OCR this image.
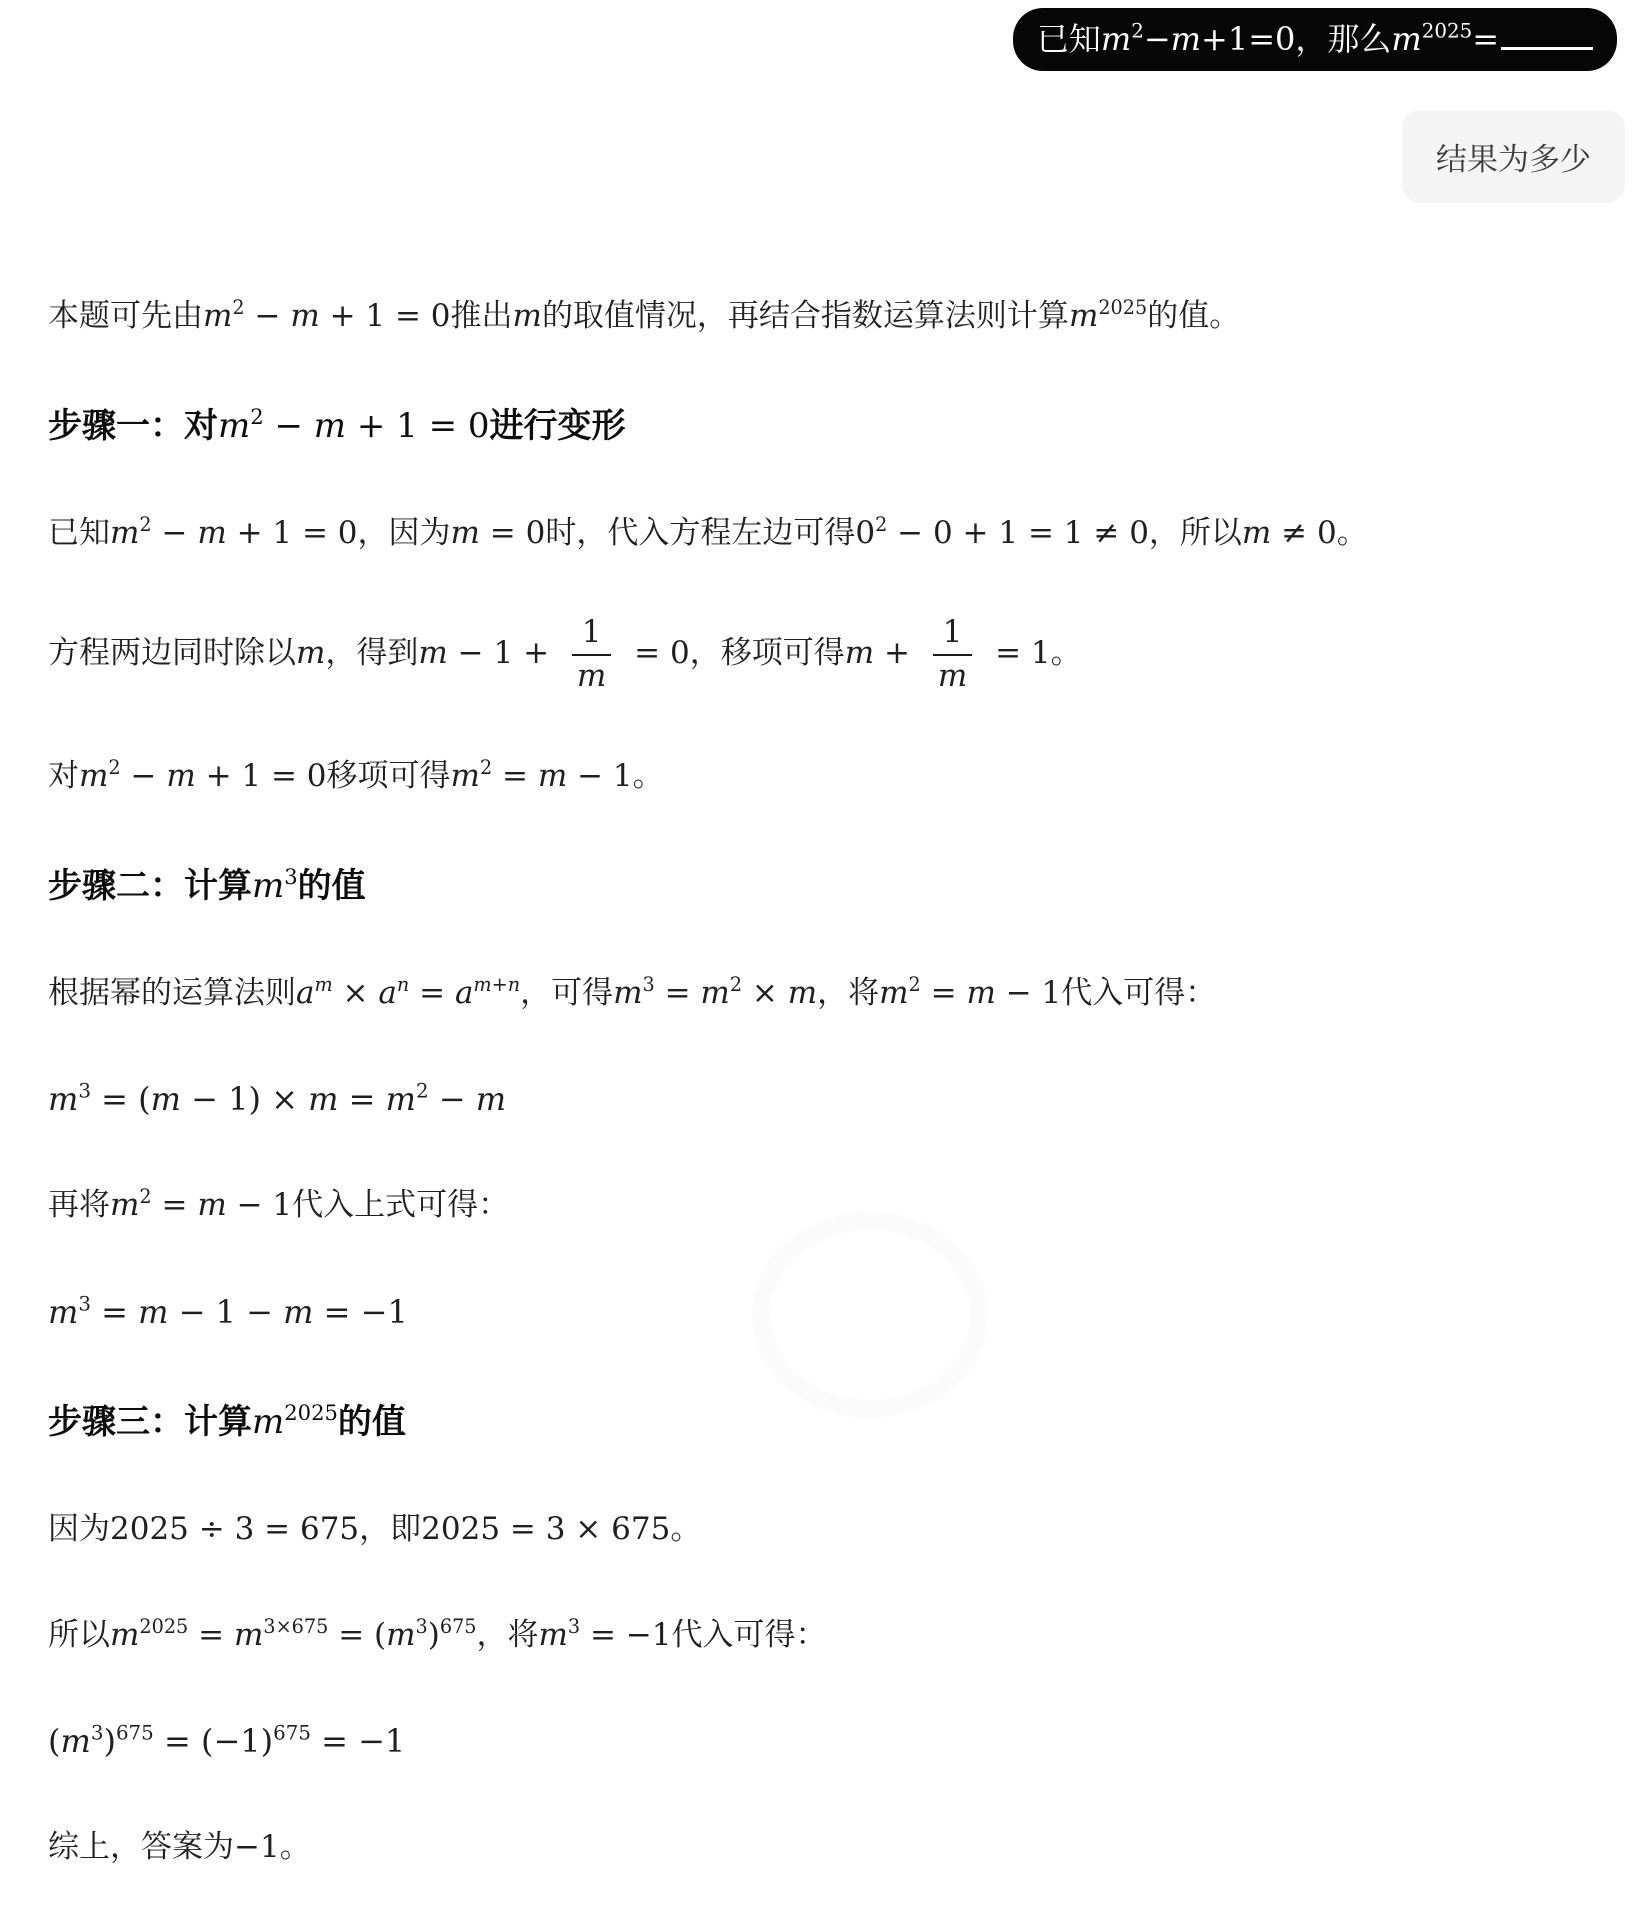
已知$m^2-m+1=0$，那么$m^{2025}=$
结果为多少
本题可先由$m^2 - m + 1 = 0$推出m的取值情况，再结合指数运算法则计算$m^{2025}$的值。
步骤一：对$m^2 - m + 1 = 0$进行变形
已知$m^2 - m + 1 = 0$，因为m = 0时，代入方程左边可得$0^2 - 0 + 1 = 1 \ne 0$，所以m ≠ 0。
方程两边同时除以m，得到$m - 1 + \frac{1}{m} = 0$，移项可得$m + \frac{1}{m} = 1$。
对$m^2 - m + 1 = 0$移项可得$m^2 = m - 1$。
步骤二：计算$m^3$的值
根据幂的运算法则$a^m \times a^n = a^{m+n}$，可得$m^3 = m^2 \times m$，将$m^2 = m - 1$代入可得：
$m^3 = (m - 1) \times m = m^2 - m$
再将$m^2 = m - 1$代入上式可得：
$m^3 = m - 1 - m = -1$
步骤三：计算$m^{2025}$的值
因为2025 ÷ 3 = 675，即2025 = 3 × 675。
所以$m^{2025} = m^{3\times 675} = (m^3)^{675}$，将$m^3 = -1$代入可得：
$(m^3)^{675} = (-1)^{675} = -1$
综上，答案为−1。
